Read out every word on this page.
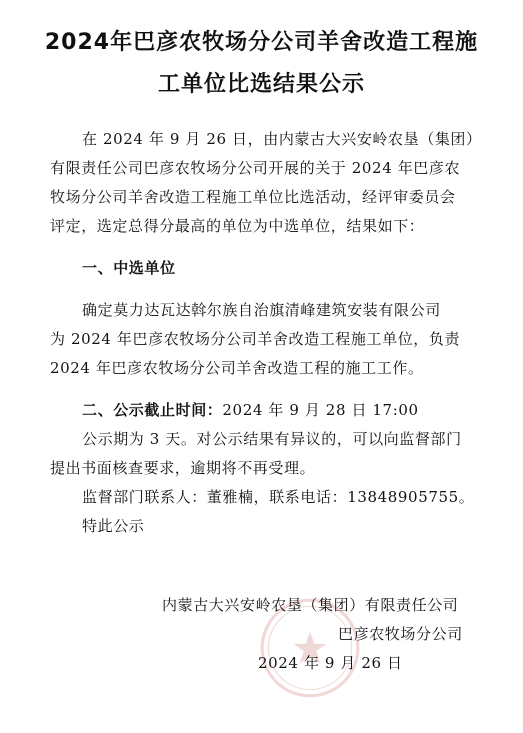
2024年巴彦农牧场分公司羊舍改造工程施
工单位比选结果公示
在 2024 年 9 月 26 日，由内蒙古大兴安岭农垦（集团）
有限责任公司巴彦农牧场分公司开展的关于 2024 年巴彦农
牧场分公司羊舍改造工程施工单位比选活动，经评审委员会
评定，选定总得分最高的单位为中选单位，结果如下：
一、中选单位
确定莫力达瓦达斡尔族自治旗清峰建筑安装有限公司
为 2024 年巴彦农牧场分公司羊舍改造工程施工单位，负责
2024 年巴彦农牧场分公司羊舍改造工程的施工工作。
二、公示截止时间：2024 年 9 月 28 日 17:00
公示期为 3 天。对公示结果有异议的，可以向监督部门
提出书面核查要求，逾期将不再受理。
监督部门联系人：董雅楠，联系电话：13848905755。
特此公示
内蒙古大兴安岭农垦（集团）有限责任公司
巴彦农牧场分公司
2024 年 9 月 26 日
